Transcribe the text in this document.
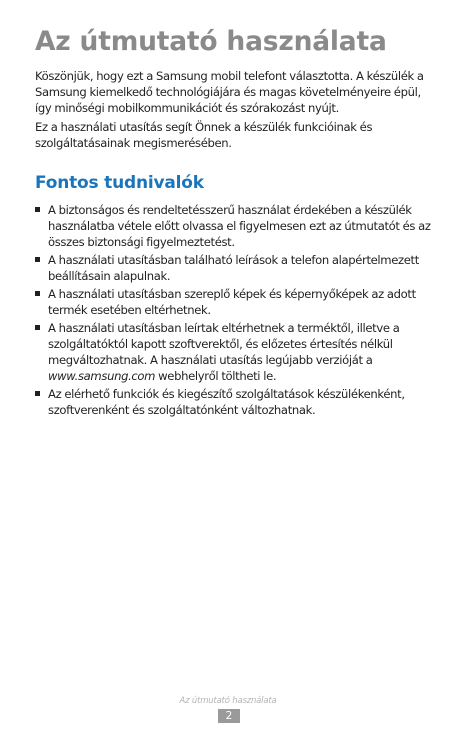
Az útmutató használata

Köszönjük, hogy ezt a Samsung mobil telefont választotta. A készülék a Samsung kiemelkedő technológiájára és magas követelményeire épül, így minőségi mobilkommunikációt és szórakozást nyújt.

Ez a használati utasítás segít Önnek a készülék funkcióinak és szolgáltatásainak megismerésében.

Fontos tudnivalók
A biztonságos és rendeltetésszerű használat érdekében a készülék használatba vétele előtt olvassa el figyelmesen ezt az útmutatót és az összes biztonsági figyelmeztetést.
A használati utasításban található leírások a telefon alapértelmezett beállításain alapulnak.
A használati utasításban szereplő képek és képernyőképek az adott termék esetében eltérhetnek.
A használati utasításban leírtak eltérhetnek a terméktől, illetve a szolgáltatóktól kapott szoftverektől, és előzetes értesítés nélkül megváltozhatnak. A használati utasítás legújabb verzióját a www.samsung.com webhelyről töltheti le.
Az elérhető funkciók és kiegészítő szolgáltatások készülékenként, szoftverenként és szolgáltatónként változhatnak.
Az útmutató használata
2
